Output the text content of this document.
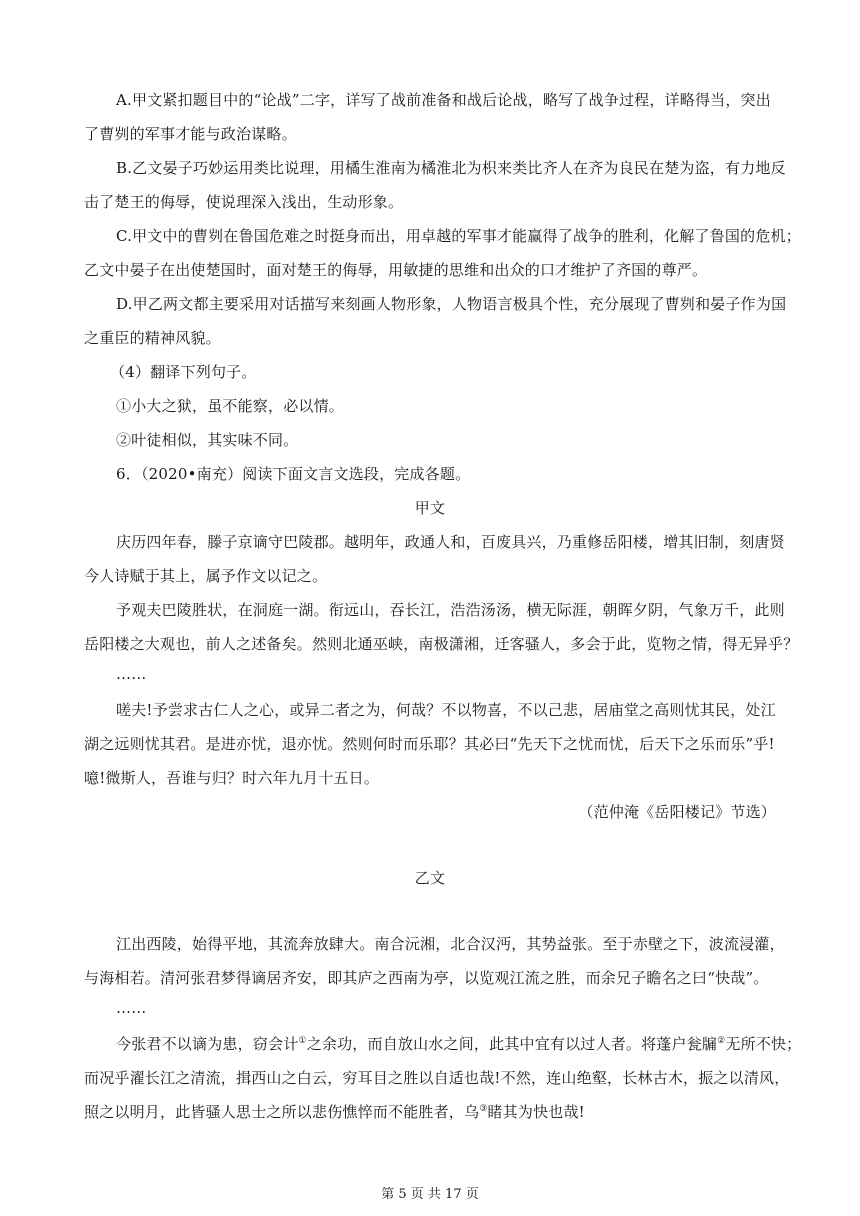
A.甲文紧扣题目中的“论战”二字，详写了战前准备和战后论战，略写了战争过程，详略得当，突出
了曹刿的军事才能与政治谋略。
B.乙文晏子巧妙运用类比说理，用橘生淮南为橘淮北为枳来类比齐人在齐为良民在楚为盗，有力地反
击了楚王的侮辱，使说理深入浅出，生动形象。
C.甲文中的曹刿在鲁国危难之时挺身而出，用卓越的军事才能赢得了战争的胜利，化解了鲁国的危机；
乙文中晏子在出使楚国时，面对楚王的侮辱，用敏捷的思维和出众的口才维护了齐国的尊严。
D.甲乙两文都主要采用对话描写来刻画人物形象，人物语言极具个性，充分展现了曹刿和晏子作为国
之重臣的精神风貌。
（4）翻译下列句子。
①小大之狱，虽不能察，必以情。
②叶徒相似，其实味不同。
6．（2020•南充）阅读下面文言文选段，完成各题。
甲文
庆历四年春，滕子京谪守巴陵郡。越明年，政通人和，百废具兴，乃重修岳阳楼，增其旧制，刻唐贤
今人诗赋于其上，属予作文以记之。
予观夫巴陵胜状，在洞庭一湖。衔远山，吞长江，浩浩汤汤，横无际涯，朝晖夕阴，气象万千，此则
岳阳楼之大观也，前人之述备矣。然则北通巫峡，南极潇湘，迁客骚人，多会于此，览物之情，得无异乎？
……
嗟夫!予尝求古仁人之心，或异二者之为，何哉？不以物喜，不以己悲，居庙堂之高则忧其民，处江
湖之远则忧其君。是进亦忧，退亦忧。然则何时而乐耶？其必曰“先天下之忧而忧，后天下之乐而乐”乎!
噫!微斯人，吾谁与归？时六年九月十五日。
（范仲淹《岳阳楼记》节选）
乙文
江出西陵，始得平地，其流奔放肆大。南合沅湘，北合汉沔，其势益张。至于赤壁之下，波流浸灌，
与海相若。清河张君梦得谪居齐安，即其庐之西南为亭，以览观江流之胜，而余兄子瞻名之曰“快哉”。
……
今张君不以谪为患，窃会计①之余功，而自放山水之间，此其中宜有以过人者。将蓬户瓮牖②无所不快；
而况乎濯长江之清流，揖西山之白云，穷耳目之胜以自适也哉!不然，连山绝壑，长林古木，振之以清风，
照之以明月，此皆骚人思士之所以悲伤憔悴而不能胜者，乌③睹其为快也哉!
第 5 页 共 17 页
